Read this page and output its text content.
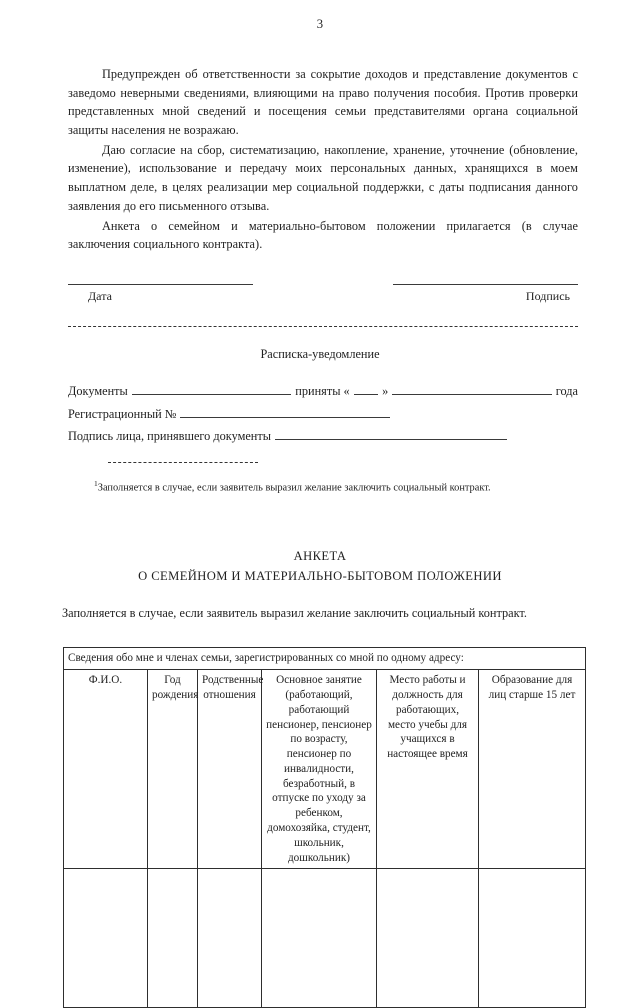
3

Предупрежден об ответственности за сокрытие доходов и представление документов с заведомо неверными сведениями, влияющими на право получения пособия. Против проверки представленных мной сведений и посещения семьи представителями органа социальной защиты населения не возражаю.

Даю согласие на сбор, систематизацию, накопление, хранение, уточнение (обновление, изменение), использование и передачу моих персональных данных, хранящихся в моем выплатном деле, в целях реализации мер социальной поддержки, с даты подписания данного заявления до его письменного отзыва.

Анкета о семейном и материально-бытовом положении прилагается (в случае заключения социального контракта).

Дата	Подпись
Расписка-уведомление
Документы	приняты «	»	года
Регистрационный №
Подпись лица, принявшего документы
$^1$Заполняется в случае, если заявитель выразил желание заключить социальный контракт.
АНКЕТА
О СЕМЕЙНОМ И МАТЕРИАЛЬНО-БЫТОВОМ ПОЛОЖЕНИИ
Заполняется в случае, если заявитель выразил желание заключить социальный контракт.
Сведения обо мне и членах семьи, зарегистрированных со мной по одному адресу:					
Ф.И.О.	Год рождения	Родственные отношения	Основное занятие (работающий, работающий пенсионер, пенсионер по возрасту, пенсионер по инвалидности, безработный, в отпуске по уходу за ребенком, домохозяйка, студент, школьник, дошкольник)	Место работы и должность для работающих, место учебы для учащихся в настоящее время	Образование для лиц старше 15 лет
